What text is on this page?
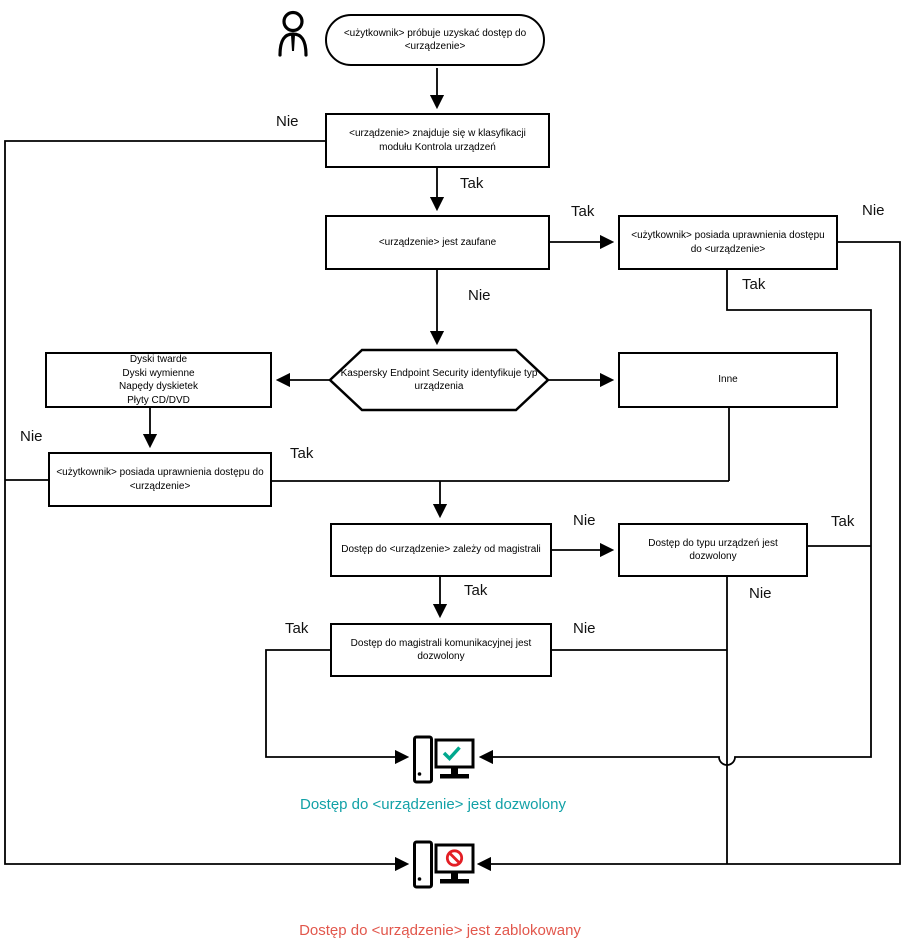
<użytkownik> próbuje uzyskać dostęp do <urządzenie>
<urządzenie> znajduje się w klasyfikacji modułu Kontrola urządzeń
<urządzenie> jest zaufane
<użytkownik> posiada uprawnienia dostępu do <urządzenie>
Kaspersky Endpoint Security identyfikuje typ urządzenia
Dyski twarde
Dyski wymienne
Napędy dyskietek
Płyty CD/DVD
Inne
<użytkownik> posiada uprawnienia dostępu do <urządzenie>
Dostęp do <urządzenie> zależy od magistrali
Dostęp do typu urządzeń jest dozwolony
Dostęp do magistrali komunikacyjnej jest dozwolony
Nie
Tak
Tak	Nie
Tak
Nie
Nie
Tak
Nie	Tak
Tak	Nie
Tak	Nie
Dostęp do <urządzenie> jest dozwolony
Dostęp do <urządzenie> jest zablokowany
